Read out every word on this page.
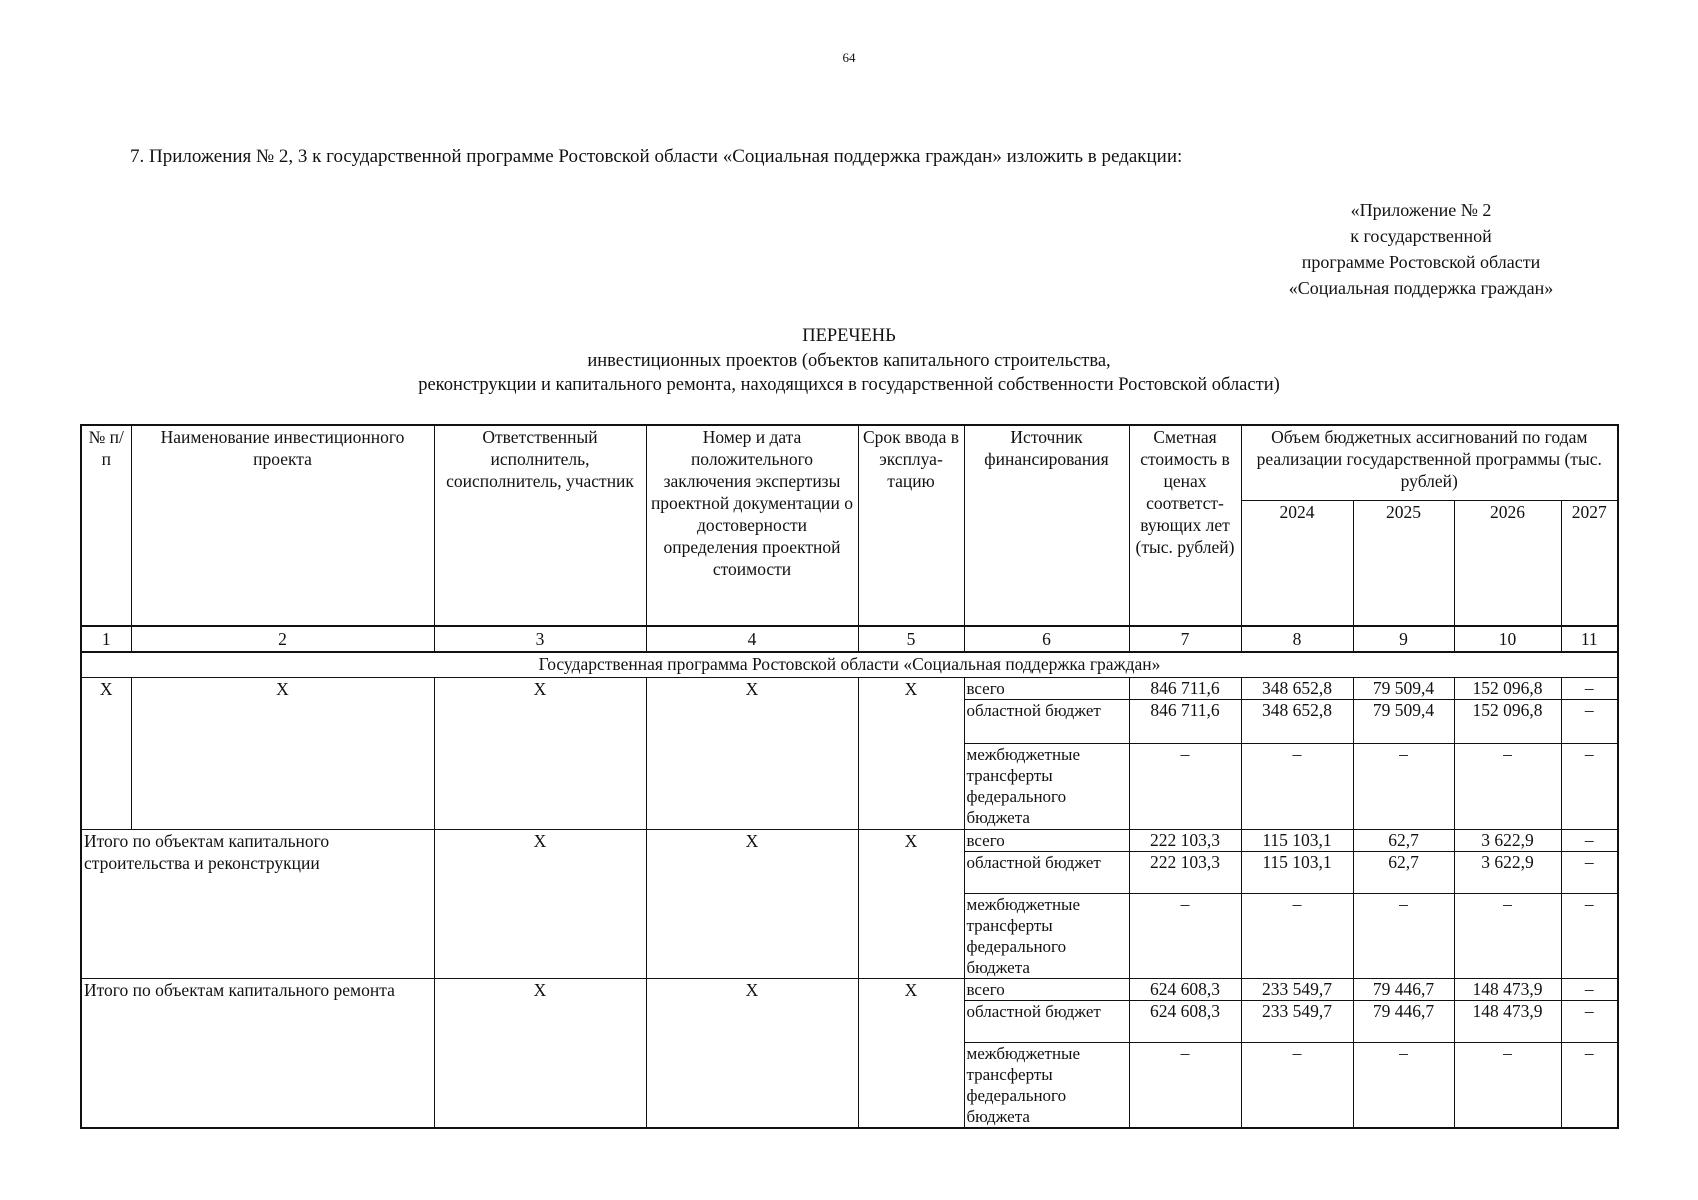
64
7. Приложения № 2, 3 к государственной программе Ростовской области «Социальная поддержка граждан» изложить в редакции:
«Приложение № 2
к государственной
программе Ростовской области
«Социальная поддержка граждан»
ПЕРЕЧЕНЬ
инвестиционных проектов (объектов капитального строительства,
реконструкции и капитального ремонта, находящихся в государственной собственности Ростовской области)
№ п/п	Наименование инвестиционного проекта	Ответственный исполнитель, соисполнитель, участник	Номер и дата положительного заключения экспертизы проектной документации о достоверности определения проектной стоимости	Срок ввода в эксплуа-тацию	Источник финансирования	Сметная стоимость в ценах соответст-вующих лет (тыс. рублей)	Объем бюджетных ассигнований по годам реализации государственной программы (тыс. рублей)			
							2024	2025	2026	2027
1	2	3	4	5	6	7	8	9	10	11
Государственная программа Ростовской области «Социальная поддержка граждан»										
Х	Х	Х	Х	Х	всего	846 711,6	348 652,8	79 509,4	152 096,8	–
					областной бюджет	846 711,6	348 652,8	79 509,4	152 096,8	–
					межбюджетные трансферты федерального бюджета	–	–	–	–	–
Итого по объектам капитального строительства и реконструкции		Х	Х	Х	всего	222 103,3	115 103,1	62,7	3 622,9	–
					областной бюджет	222 103,3	115 103,1	62,7	3 622,9	–
					межбюджетные трансферты федерального бюджета	–	–	–	–	–
Итого по объектам капитального ремонта		Х	Х	Х	всего	624 608,3	233 549,7	79 446,7	148 473,9	–
					областной бюджет	624 608,3	233 549,7	79 446,7	148 473,9	–
					межбюджетные трансферты федерального бюджета	–	–	–	–	–
